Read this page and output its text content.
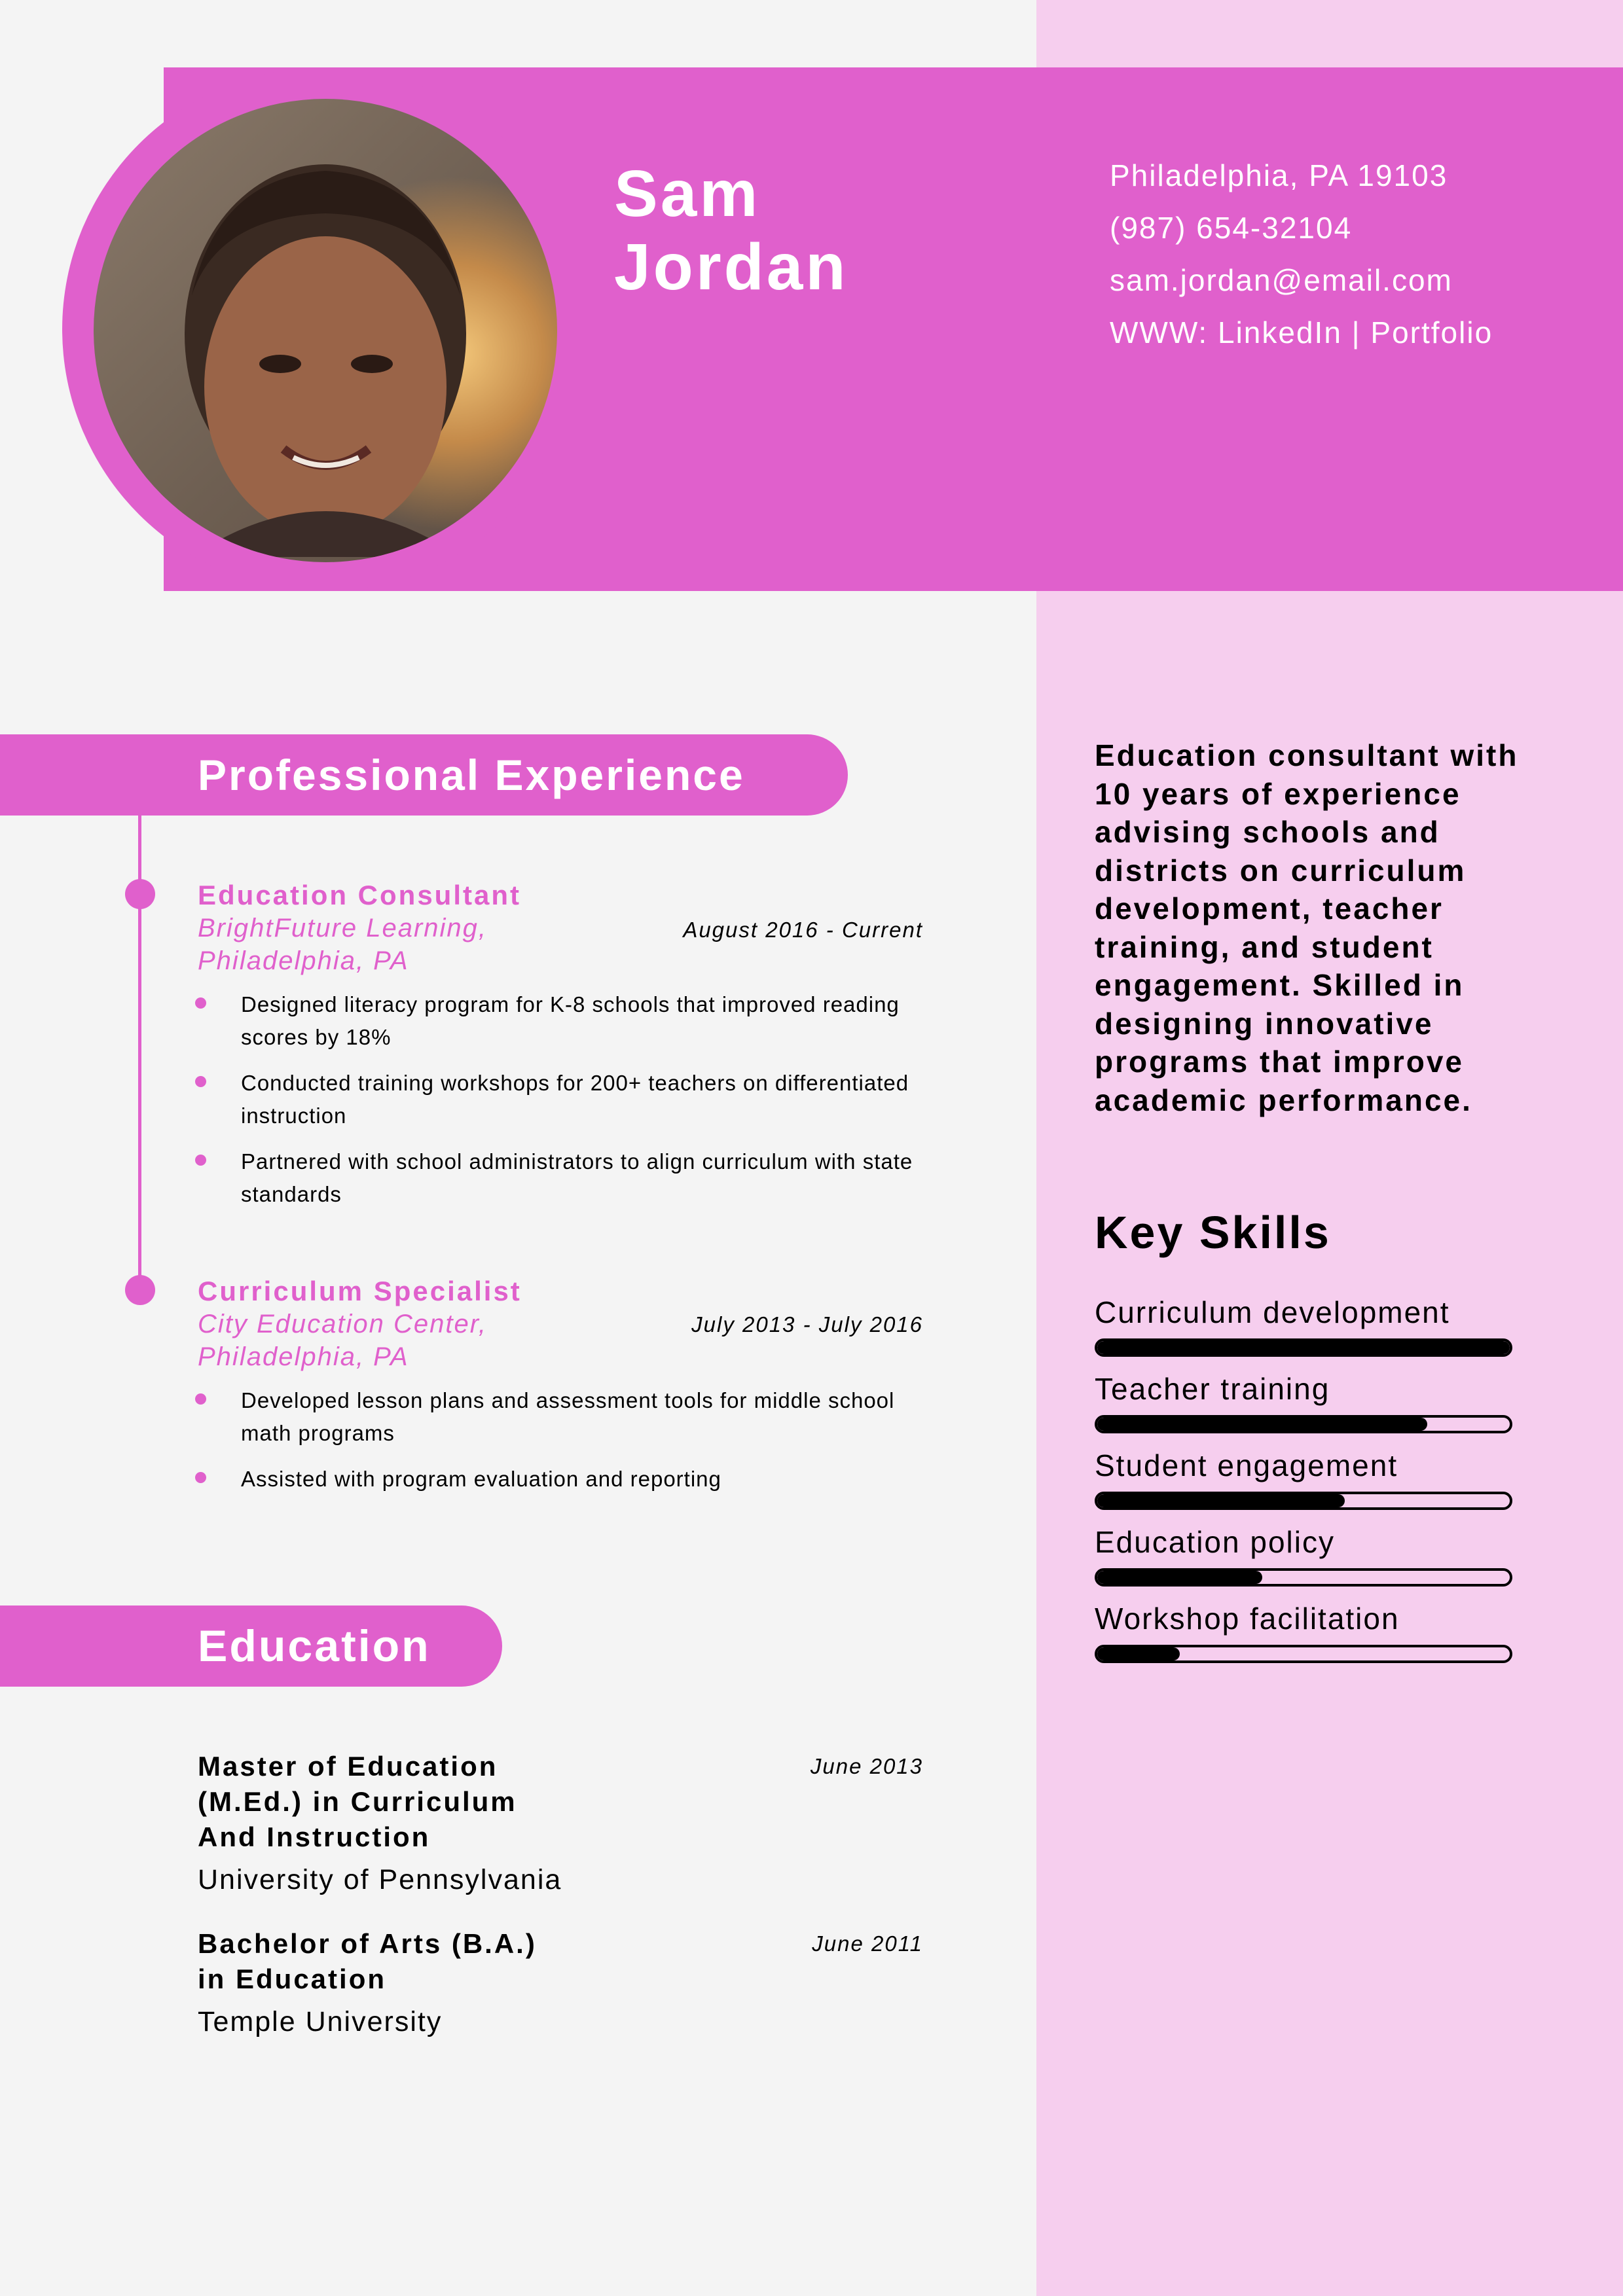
Sam
Jordan
Philadelphia, PA 19103
(987) 654-32104
sam.jordan@email.com
WWW: LinkedIn | Portfolio
Professional Experience
Education Consultant
BrightFuture Learning,
Philadelphia, PA
August 2016 - Current
Designed literacy program for K-8 schools that improved reading scores by 18%
Conducted training workshops for 200+ teachers on differentiated instruction
Partnered with school administrators to align curriculum with state standards
Curriculum Specialist
City Education Center,
Philadelphia, PA
July 2013 - July 2016
Developed lesson plans and assessment tools for middle school math programs
Assisted with program evaluation and reporting
Education
Master of Education
(M.Ed.) in Curriculum
And Instruction
June 2013
University of Pennsylvania
Bachelor of Arts (B.A.)
in Education
June 2011
Temple University
Education consultant with 10 years of experience advising schools and districts on curriculum development, teacher training, and student engagement. Skilled in designing innovative programs that improve academic performance.
Key Skills
Curriculum development
Teacher training
Student engagement
Education policy
Workshop facilitation
